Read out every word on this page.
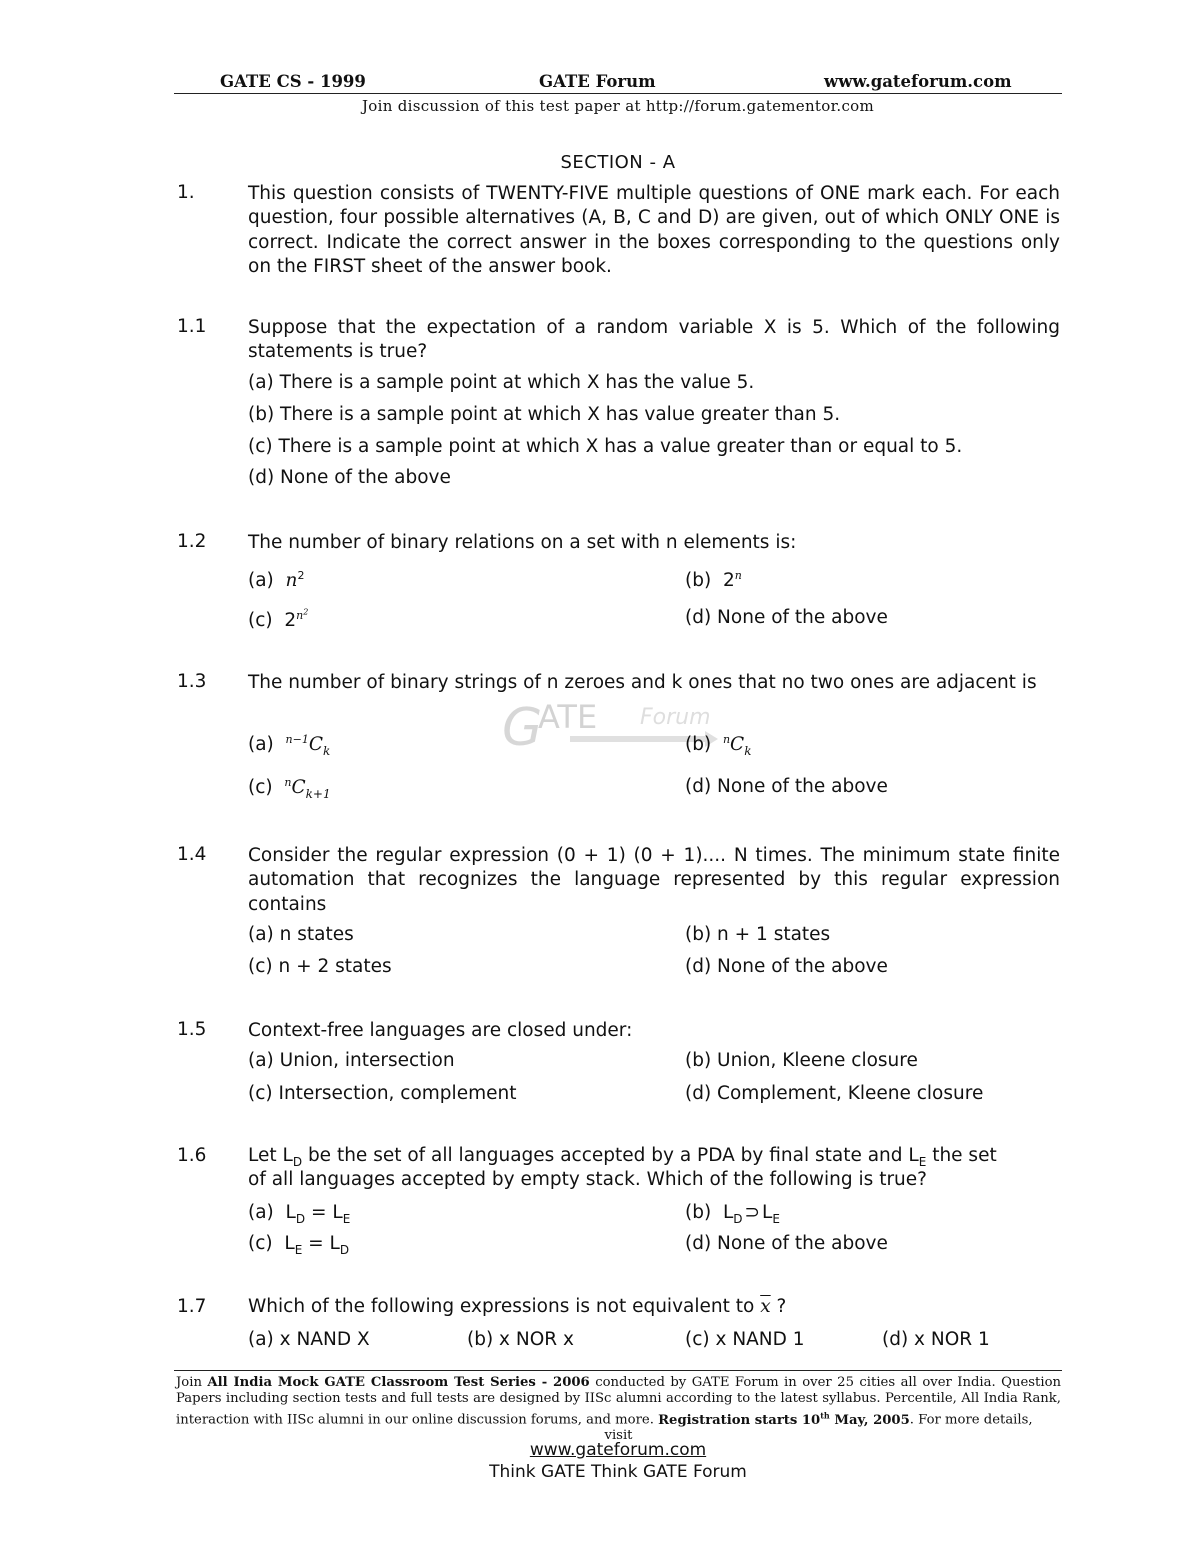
GATE CS - 1999	GATE Forum	www.gateforum.com
Join discussion of this test paper at http://forum.gatementor.com
SECTION - A
1.	This question consists of TWENTY-FIVE multiple questions of ONE mark each. For each question, four possible alternatives (A, B, C and D) are given, out of which ONLY ONE is correct. Indicate the correct answer in the boxes corresponding to the questions only on the FIRST sheet of the answer book.
1.1 Suppose that the expectation of a random variable X is 5. Which of the following statements is true?
(a) There is a sample point at which X has the value 5.
(b) There is a sample point at which X has value greater than 5.
(c) There is a sample point at which X has a value greater than or equal to 5.
(d) None of the above
1.2 The number of binary relations on a set with n elements is:
(a) $n^2$	(b) 2$^n$
(c) $2^{n^2}$	(d) None of the above
1.3 The number of binary strings of n zeroes and k ones that no two ones are adjacent is
G
ATE Forum
(a) $^{n-1}C_k$	(b) $^nC_k$
(c) $^nC_{k+1}$	(d) None of the above
1.4 Consider the regular expression (0 + 1) (0 + 1).... N times. The minimum state finite automation that recognizes the language represented by this regular expression contains
(a) n states	(b) n + 1 states
(c) n + 2 states	(d) None of the above
1.5 Context-free languages are closed under:
(a) Union, intersection	(b) Union, Kleene closure
(c) Intersection, complement	(d) Complement, Kleene closure
1.6 Let $L_D$ be the set of all languages accepted by a PDA by final state and $L_E$ the set
of all languages accepted by empty stack. Which of the following is true?
(a) $L_D = L_E$	(b) $L_D$ ⊃ $L_E$
(c) $L_E = L_D$	(d) None of the above
1.7 Which of the following expressions is not equivalent to $\overline{x}$ ?
(a) x NAND X	(b) x NOR x	(c) x NAND 1	(d) x NOR 1
Join All India Mock GATE Classroom Test Series - 2006 conducted by GATE Forum in over 25 cities all over India. Question Papers including section tests and full tests are designed by IISc alumni according to the latest syllabus. Percentile, All India Rank, interaction with IISc alumni in our online discussion forums, and more. Registration starts 10th May, 2005. For more details,
visit
www.gateforum.com
Think GATE Think GATE Forum
